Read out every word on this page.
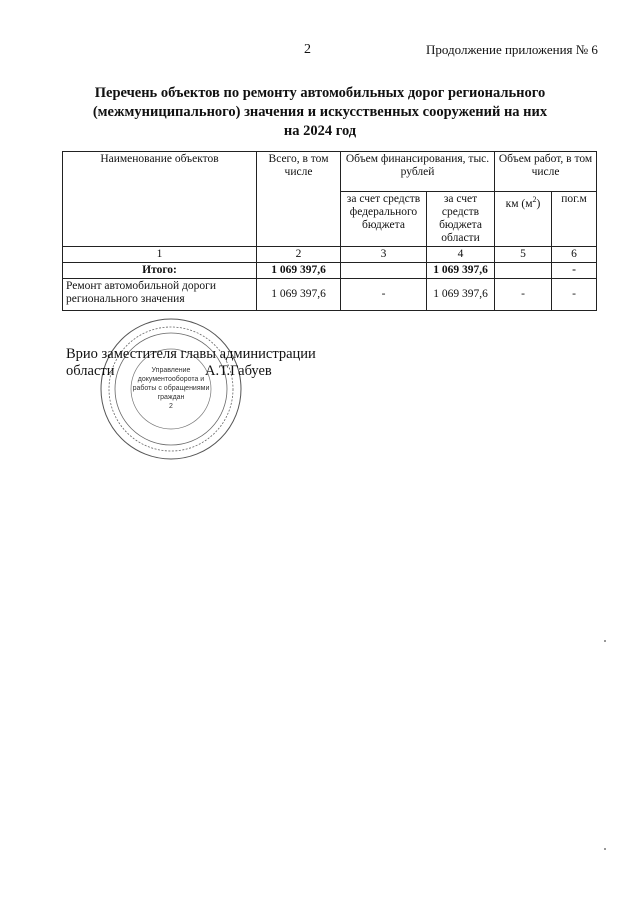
2	Продолжение приложения № 6
Перечень объектов по ремонту автомобильных дорог регионального
(межмуниципального) значения и искусственных сооружений на них
на 2024 год
Наименование объектов	Всего, в том числе	Объем финансирования, тыс. рублей		Объем работ, в том числе	
		за счет средств федерального бюджета	за счет средств бюджета области	км $(м^2)$	пог.м
1	2	3	4	5	6
Итого:	1 069 397,6		1 069 397,6		-
Ремонт автомобильной дороги регионального значения	1 069 397,6	-	1 069 397,6	-	-
Управление документооборота и работы с обращениями граждан
2
Врио заместителя главы администрации
области	А.Т.Габуев
